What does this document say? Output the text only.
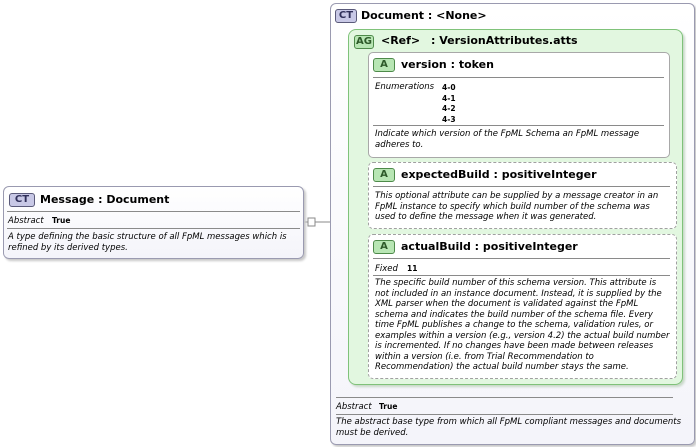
CT Message : Document
Abstract True
A type defining the basic structure of all FpML messages which is refined by its derived types.
CT Document : <None>
Abstract True
The abstract base type from which all FpML compliant messages and documents must be derived.
AG <Ref> : VersionAttributes.atts
A	version : token
Enumerations 4-0
4-1
4-2
4-3
Indicate which version of the FpML Schema an FpML message adheres to.
A	expectedBuild : positiveInteger
This optional attribute can be supplied by a message creator in an FpML instance to specify which build number of the schema was used to define the message when it was generated.
A	actualBuild : positiveInteger
Fixed 11
The specific build number of this schema version. This attribute is not included in an instance document. Instead, it is supplied by the XML parser when the document is validated against the FpML schema and indicates the build number of the schema file. Every time FpML publishes a change to the schema, validation rules, or examples within a version (e.g., version 4.2) the actual build number is incremented. If no changes have been made between releases within a version (i.e. from Trial Recommendation to Recommendation) the actual build number stays the same.
